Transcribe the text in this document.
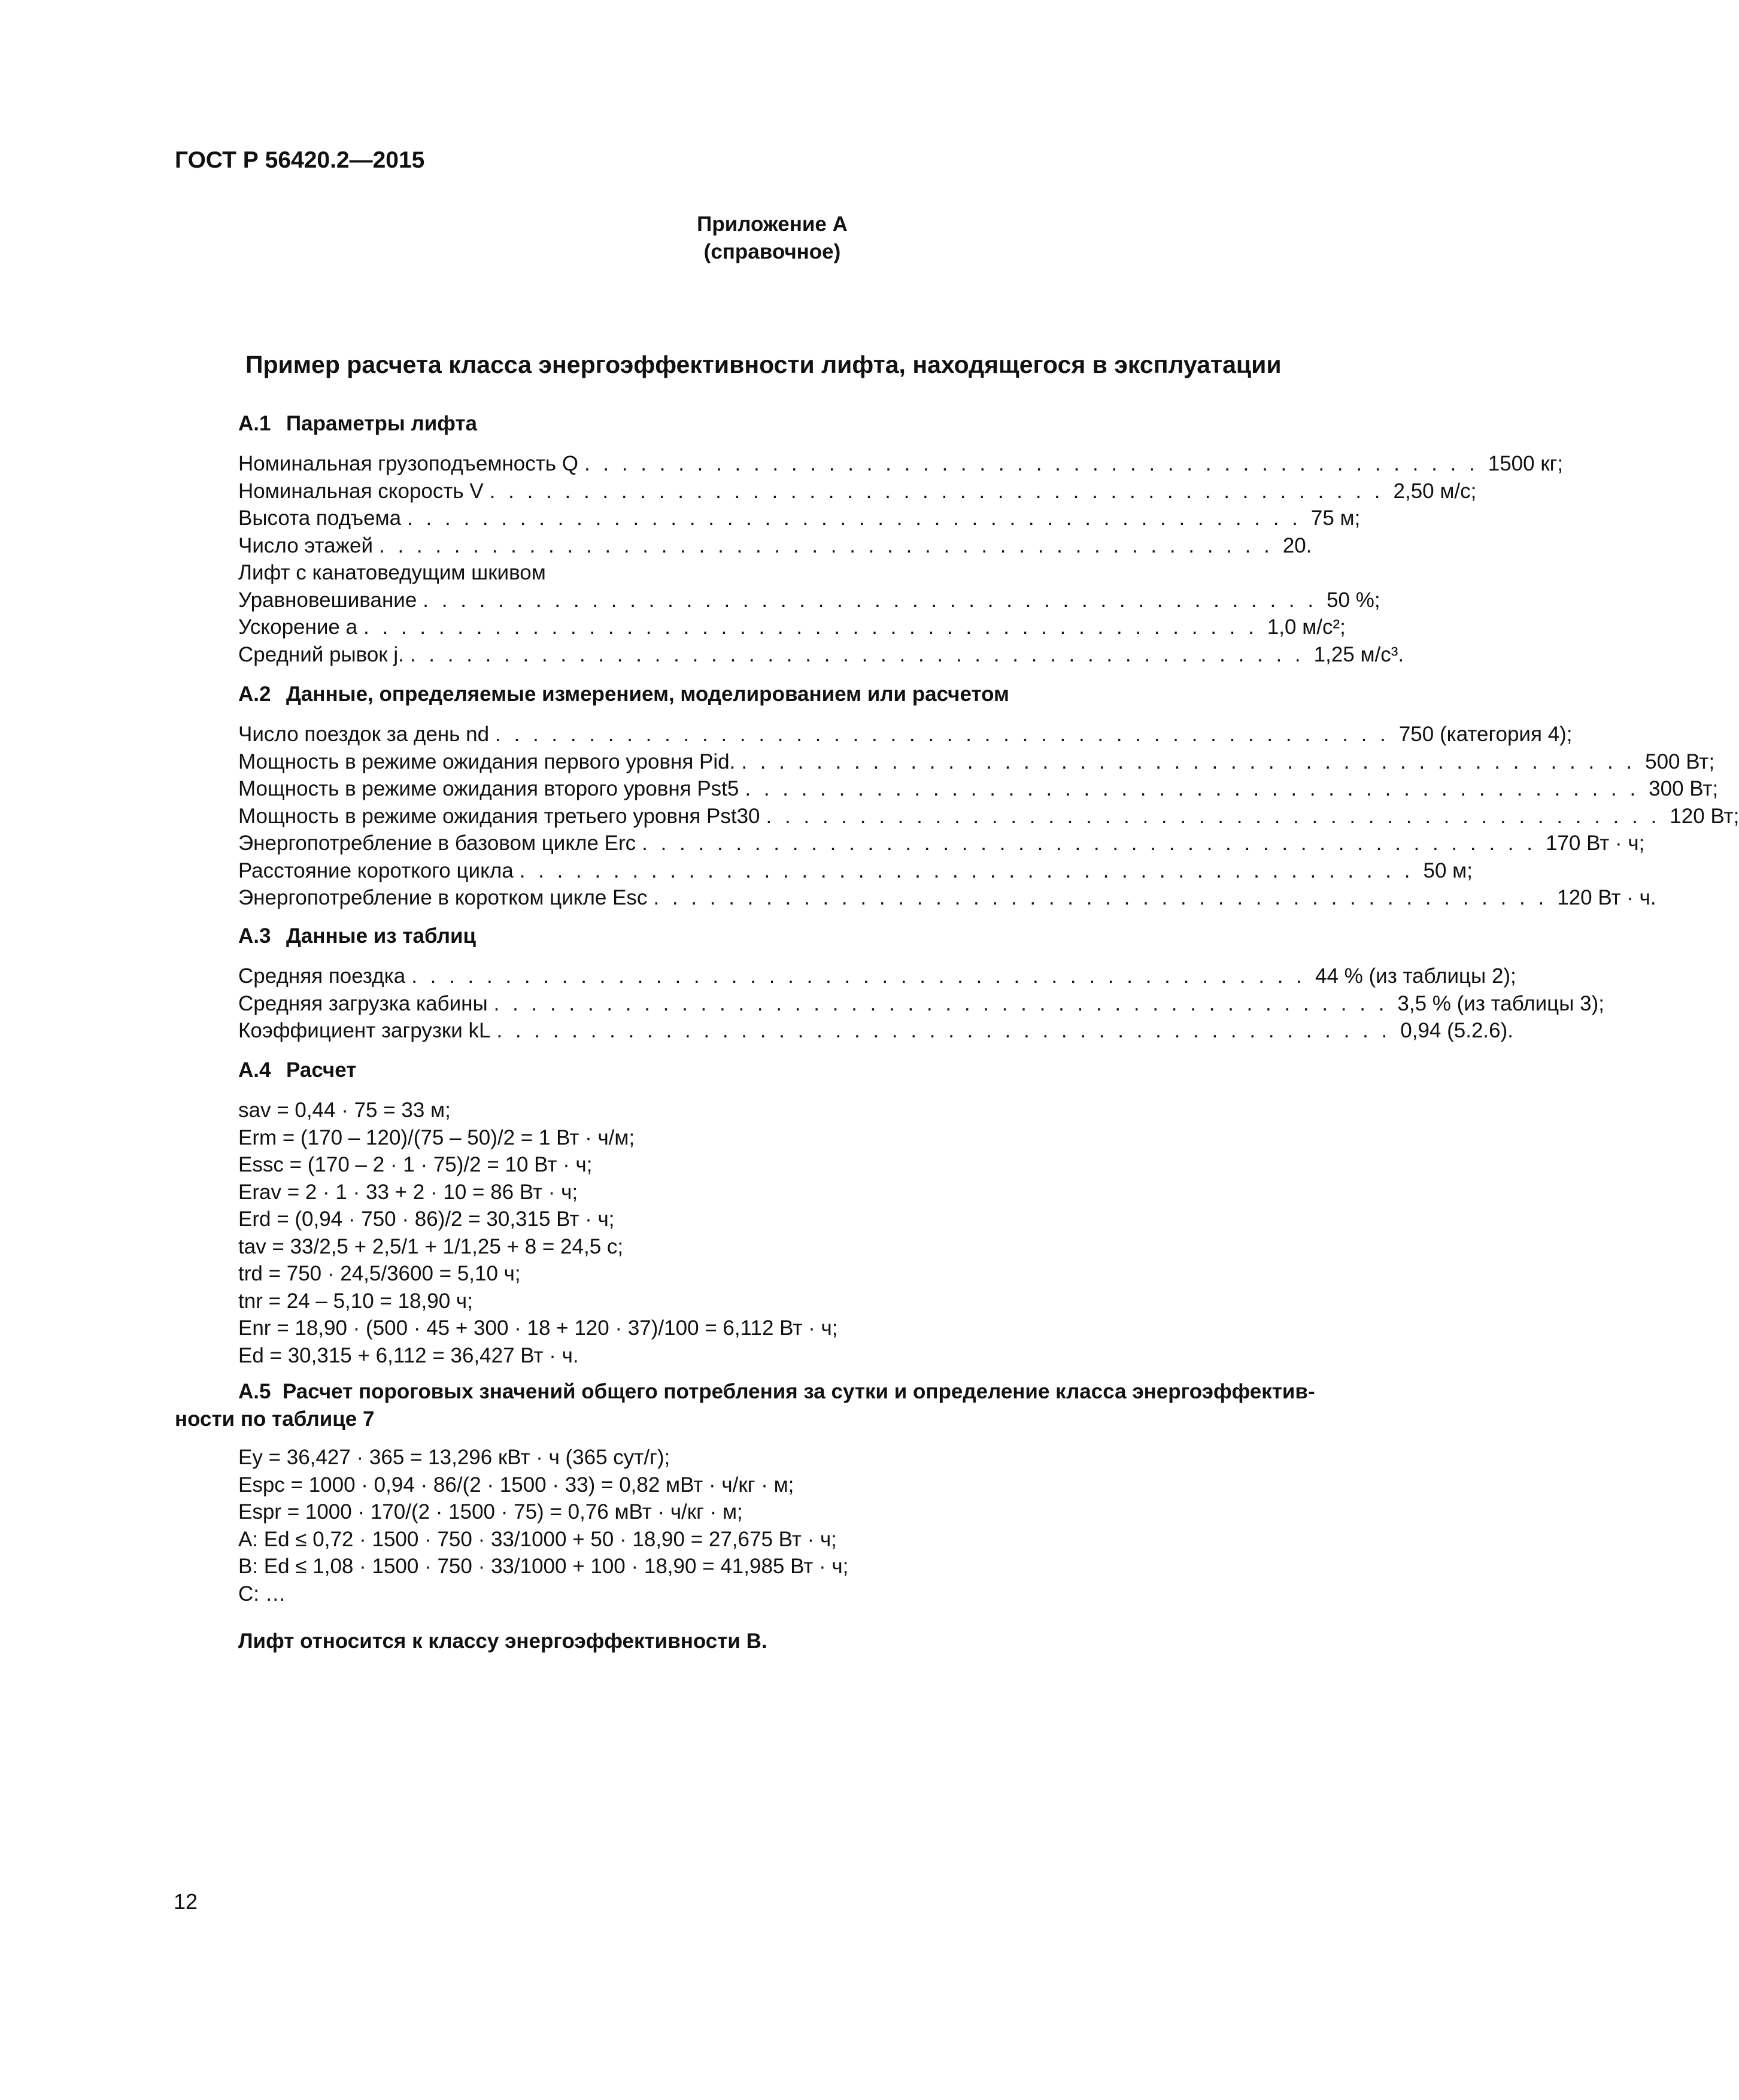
ГОСТ Р 56420.2—2015
Приложение А
(справочное)
Пример расчета класса энергоэффективности лифта, находящегося в эксплуатации
А.1 Параметры лифта
Номинальная грузоподъемность Q . . . . . . . . . . . . . . . . . . . . . . . . . . . . . . . . . . . . . . . . . . . . . . . . 1500 кг;
Номинальная скорость V . . . . . . . . . . . . . . . . . . . . . . . . . . . . . . . . . . . . . . . . . . . . . . . . 2,50 м/с;
Высота подъема . . . . . . . . . . . . . . . . . . . . . . . . . . . . . . . . . . . . . . . . . . . . . . . . 75 м;
Число этажей . . . . . . . . . . . . . . . . . . . . . . . . . . . . . . . . . . . . . . . . . . . . . . . . 20.
Лифт с канатоведущим шкивом
Уравновешивание . . . . . . . . . . . . . . . . . . . . . . . . . . . . . . . . . . . . . . . . . . . . . . . . 50 %;
Ускорение a . . . . . . . . . . . . . . . . . . . . . . . . . . . . . . . . . . . . . . . . . . . . . . . . 1,0 м/с²;
Средний рывок j. . . . . . . . . . . . . . . . . . . . . . . . . . . . . . . . . . . . . . . . . . . . . . . . . 1,25 м/с³.
А.2 Данные, определяемые измерением, моделированием или расчетом
Число поездок за день nd . . . . . . . . . . . . . . . . . . . . . . . . . . . . . . . . . . . . . . . . . . . . . . . . 750 (категория 4);
Мощность в режиме ожидания первого уровня Pid. . . . . . . . . . . . . . . . . . . . . . . . . . . . . . . . . . . . . . . . . . . . . . . . . 500 Вт;
Мощность в режиме ожидания второго уровня Pst5 . . . . . . . . . . . . . . . . . . . . . . . . . . . . . . . . . . . . . . . . . . . . . . . . 300 Вт;
Мощность в режиме ожидания третьего уровня Pst30 . . . . . . . . . . . . . . . . . . . . . . . . . . . . . . . . . . . . . . . . . . . . . . . . 120 Вт;
Энергопотребление в базовом цикле Erc . . . . . . . . . . . . . . . . . . . . . . . . . . . . . . . . . . . . . . . . . . . . . . . . 170 Вт · ч;
Расстояние короткого цикла . . . . . . . . . . . . . . . . . . . . . . . . . . . . . . . . . . . . . . . . . . . . . . . . 50 м;
Энергопотребление в коротком цикле Esc . . . . . . . . . . . . . . . . . . . . . . . . . . . . . . . . . . . . . . . . . . . . . . . . 120 Вт · ч.
А.3 Данные из таблиц
Средняя поездка . . . . . . . . . . . . . . . . . . . . . . . . . . . . . . . . . . . . . . . . . . . . . . . . 44 % (из таблицы 2);
Средняя загрузка кабины . . . . . . . . . . . . . . . . . . . . . . . . . . . . . . . . . . . . . . . . . . . . . . . . 3,5 % (из таблицы 3);
Коэффициент загрузки kL . . . . . . . . . . . . . . . . . . . . . . . . . . . . . . . . . . . . . . . . . . . . . . . . 0,94 (5.2.6).
А.4 Расчет
sav = 0,44 · 75 = 33 м;
Erm = (170 – 120)/(75 – 50)/2 = 1 Вт · ч/м;
Essc = (170 – 2 · 1 · 75)/2 = 10 Вт · ч;
Erav = 2 · 1 · 33 + 2 · 10 = 86 Вт · ч;
Erd = (0,94 · 750 · 86)/2 = 30,315 Вт · ч;
tav = 33/2,5 + 2,5/1 + 1/1,25 + 8 = 24,5 с;
trd = 750 · 24,5/3600 = 5,10 ч;
tnr = 24 – 5,10 = 18,90 ч;
Enr = 18,90 · (500 · 45 + 300 · 18 + 120 · 37)/100 = 6,112 Вт · ч;
Ed = 30,315 + 6,112 = 36,427 Вт · ч.
А.5 Расчет пороговых значений общего потребления за сутки и определение класса энергоэффектив-
ности по таблице 7
Ey = 36,427 · 365 = 13,296 кВт · ч (365 сут/г);
Espc = 1000 · 0,94 · 86/(2 · 1500 · 33) = 0,82 мВт · ч/кг · м;
Espr = 1000 · 170/(2 · 1500 · 75) = 0,76 мВт · ч/кг · м;
А: Ed ≤ 0,72 · 1500 · 750 · 33/1000 + 50 · 18,90 = 27,675 Вт · ч;
В: Ed ≤ 1,08 · 1500 · 750 · 33/1000 + 100 · 18,90 = 41,985 Вт · ч;
С: …
Лифт относится к классу энергоэффективности В.
12
